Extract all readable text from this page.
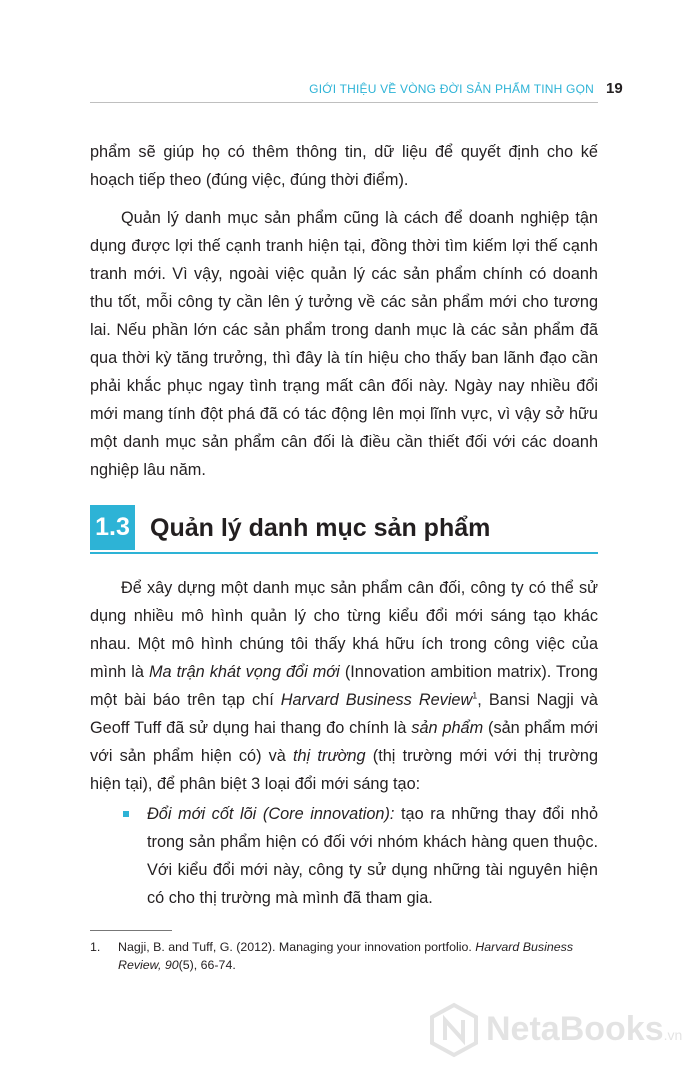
GIỚI THIỆU VỀ VÒNG ĐỜI SẢN PHẨM TINH GỌN 19

phẩm sẽ giúp họ có thêm thông tin, dữ liệu để quyết định cho kế hoạch tiếp theo (đúng việc, đúng thời điểm).

Quản lý danh mục sản phẩm cũng là cách để doanh nghiệp tận dụng được lợi thế cạnh tranh hiện tại, đồng thời tìm kiếm lợi thế cạnh tranh mới. Vì vậy, ngoài việc quản lý các sản phẩm chính có doanh thu tốt, mỗi công ty cần lên ý tưởng về các sản phẩm mới cho tương lai. Nếu phần lớn các sản phẩm trong danh mục là các sản phẩm đã qua thời kỳ tăng trưởng, thì đây là tín hiệu cho thấy ban lãnh đạo cần phải khắc phục ngay tình trạng mất cân đối này. Ngày nay nhiều đổi mới mang tính đột phá đã có tác động lên mọi lĩnh vực, vì vậy sở hữu một danh mục sản phẩm cân đối là điều cần thiết đối với các doanh nghiệp lâu năm.

1.3 Quản lý danh mục sản phẩm

Để xây dựng một danh mục sản phẩm cân đối, công ty có thể sử dụng nhiều mô hình quản lý cho từng kiểu đổi mới sáng tạo khác nhau. Một mô hình chúng tôi thấy khá hữu ích trong công việc của mình là Ma trận khát vọng đổi mới (Innovation ambition matrix). Trong một bài báo trên tạp chí Harvard Business Review$^1$, Bansi Nagji và Geoff Tuff đã sử dụng hai thang đo chính là sản phẩm (sản phẩm mới với sản phẩm hiện có) và thị trường (thị trường mới với thị trường hiện tại), để phân biệt 3 loại đổi mới sáng tạo:

Đổi mới cốt lõi (Core innovation): tạo ra những thay đổi nhỏ trong sản phẩm hiện có đối với nhóm khách hàng quen thuộc. Với kiểu đổi mới này, công ty sử dụng những tài nguyên hiện có cho thị trường mà mình đã tham gia.

1. Nagji, B. and Tuff, G. (2012). Managing your innovation portfolio. Harvard Business Review, 90(5), 66-74.

NetaBooks.vn
